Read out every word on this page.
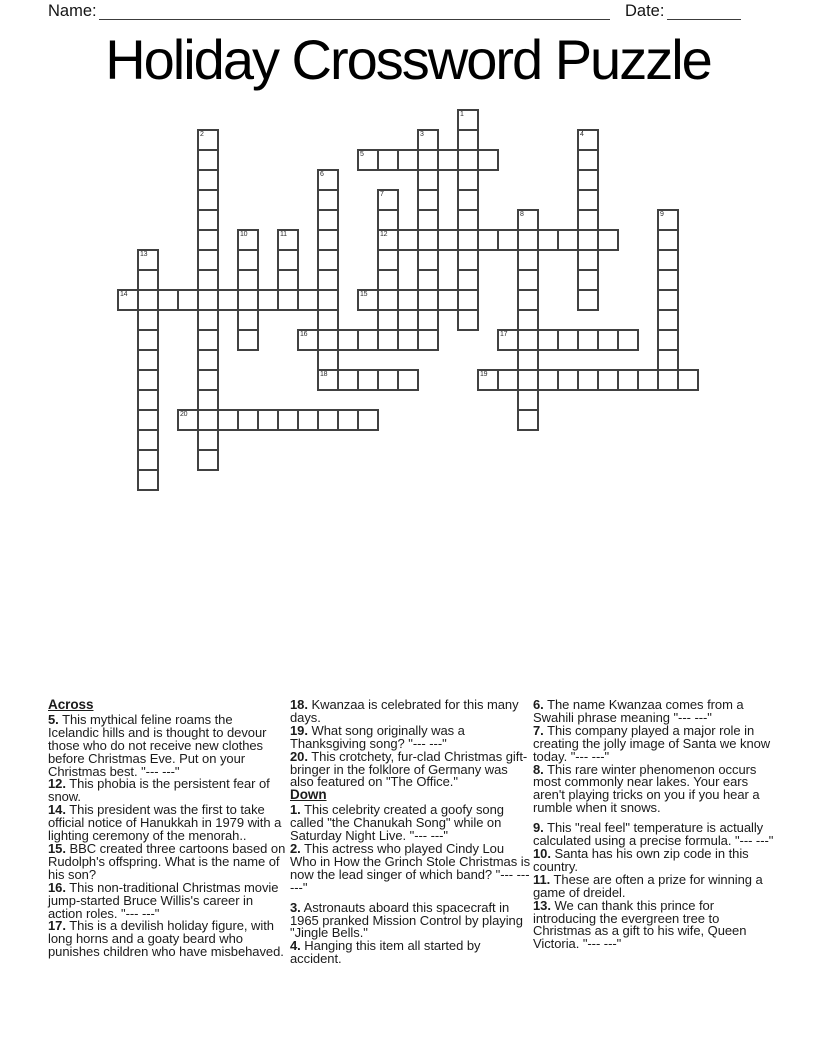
Name:	Date:
Holiday Crossword Puzzle
5
12
14	15
16	17
18	19
20
1
2	3	4
6
7
8	9
10	11
13
Across

5. This mythical feline roams the Icelandic hills and is thought to devour those who do not receive new clothes before Christmas Eve. Put on your Christmas best. "--- ---"

12. This phobia is the persistent fear of snow.

14. This president was the first to take official notice of Hanukkah in 1979 with a lighting ceremony of the menorah..

15. BBC created three cartoons based on Rudolph's offspring. What is the name of his son?

16. This non-traditional Christmas movie jump-started Bruce Willis's career in action roles. "--- ---"

17. This is a devilish holiday figure, with long horns and a goaty beard who punishes children who have misbehaved.

18. Kwanzaa is celebrated for this many days.

19. What song originally was a Thanksgiving song? "--- ---"

20. This crotchety, fur-clad Christmas gift-bringer in the folklore of Germany was also featured on "The Office."

Down

1. This celebrity created a goofy song called "the Chanukah Song" while on Saturday Night Live. "--- ---"

2. This actress who played Cindy Lou Who in How the Grinch Stole Christmas is now the lead singer of which band? "--- --- ---"

3. Astronauts aboard this spacecraft in 1965 pranked Mission Control by playing "Jingle Bells."

4. Hanging this item all started by accident.

6. The name Kwanzaa comes from a Swahili phrase meaning "--- ---"

7. This company played a major role in creating the jolly image of Santa we know today. "--- ---"

8. This rare winter phenomenon occurs most commonly near lakes. Your ears aren't playing tricks on you if you hear a rumble when it snows.

9. This "real feel" temperature is actually calculated using a precise formula. "--- ---"

10. Santa has his own zip code in this country.

11. These are often a prize for winning a game of dreidel.

13. We can thank this prince for introducing the evergreen tree to Christmas as a gift to his wife, Queen Victoria. "--- ---"
